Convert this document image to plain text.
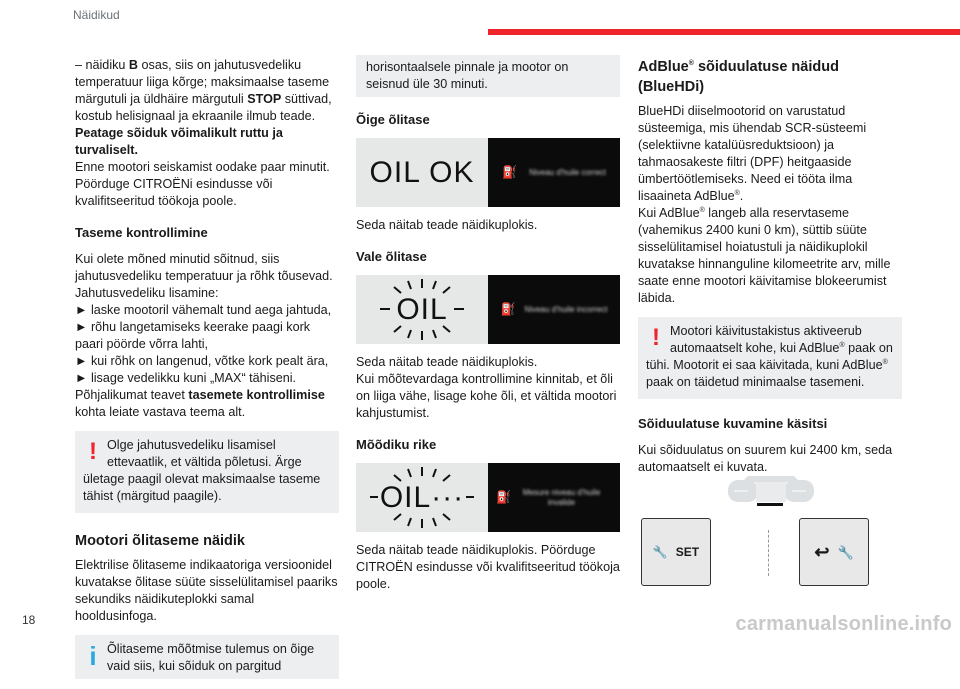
Näidikud
18	carmanualsonline.info

– näidiku B osas, siis on jahutusvedeliku temperatuur liiga kõrge; maksimaalse taseme märgutuli ja üldhäire märgutuli STOP süttivad, kostub helisignaal ja ekraanile ilmub teade.
Peatage sõiduk võimalikult ruttu ja turvaliselt.
Enne mootori seiskamist oodake paar minutit. Pöörduge CITROËNi esindusse või kvalifitseeritud töökoja poole.

Taseme kontrollimine

Kui olete mõned minutid sõitnud, siis jahutusvedeliku temperatuur ja rõhk tõusevad.

Jahutusvedeliku lisamine:

► laske mootoril vähemalt tund aega jahtuda,

► rõhu langetamiseks keerake paagi kork paari pöörde võrra lahti,

► kui rõhk on langenud, võtke kork pealt ära,

► lisage vedelikku kuni „MAX“ tähiseni.

Põhjalikumat teavet tasemete kontrollimise kohta leiate vastava teema alt.

! Olge jahutusvedeliku lisamisel ettevaatlik, et vältida põletusi. Ärge ületage paagil olevat maksimaalse taseme tähist (märgitud paagile).
Mootori õlitaseme näidik

Elektrilise õlitaseme indikaatoriga versioonidel kuvatakse õlitase süüte sisselülitamisel paariks sekundiks näidikuteplokki samal hooldusinfoga.

i Õlitaseme mõõtmise tulemus on õige vaid siis, kui sõiduk on pargitud
horisontaalsele pinnale ja mootor on seisnud üle 30 minuti.
Õige õlitase
OIL OK	⛽ Niveau d'huile correct

Seda näitab teade näidikuplokis.

Vale õlitase
OIL	⛽ Niveau d'huile incorrect

Seda näitab teade näidikuplokis.

Kui mõõtevardaga kontrollimine kinnitab, et õli on liiga vähe, lisage kohe õli, et vältida mootori kahjustumist.

Mõõdiku rike
OIL···	⛽	Mesure niveau d'huile invalide

Seda näitab teade näidikuplokis. Pöörduge CITROËN esindusse või kvalifitseeritud töökoja poole.

AdBlue® sõiduulatuse näidud (BlueHDi)

BlueHDi diiselmootorid on varustatud süsteemiga, mis ühendab SCR-süsteemi (selektiivne katalüüsreduktsioon) ja tahmaosakeste filtri (DPF) heitgaaside ümbertöötlemiseks. Need ei tööta ilma lisaaineta AdBlue®.
Kui AdBlue® langeb alla reservtaseme (vahemikus 2400 kuni 0 km), süttib süüte sisselülitamisel hoiatustuli ja näidikuplokil kuvatakse hinnanguline kilomeetrite arv, mille saate enne mootori käivitamise blokeerumist läbida.

! Mootori käivitustakistus aktiveerub automaatselt kohe, kui AdBlue® paak on tühi. Mootorit ei saa käivitada, kuni AdBlue® paak on täidetud minimaalse tasemeni.
Sõiduulatuse kuvamine käsitsi

Kui sõiduulatus on suurem kui 2400 km, seda automaatselt ei kuvata.

🔧 SET	↩ 🔧
